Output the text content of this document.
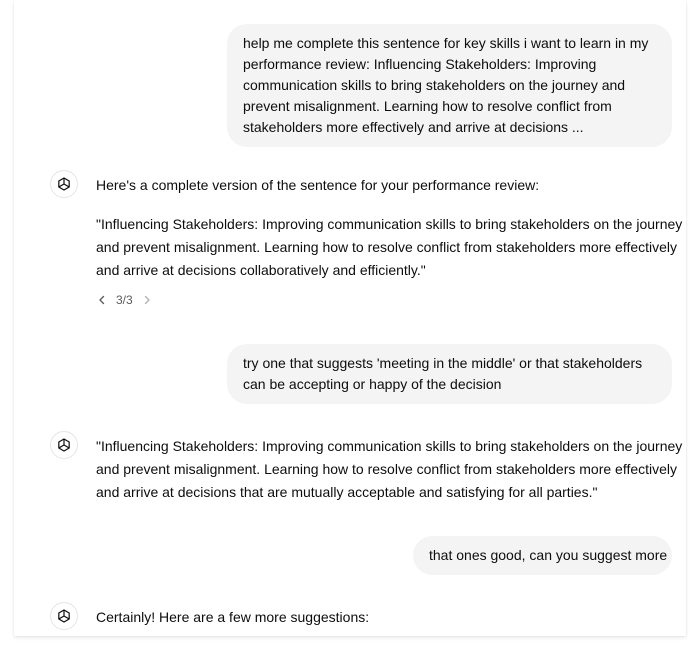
help me complete this sentence for key skills i want to learn in my performance review: Influencing Stakeholders: Improving communication skills to bring stakeholders on the journey and prevent misalignment. Learning how to resolve conflict from stakeholders more effectively and arrive at decisions ...

Here's a complete version of the sentence for your performance review:

"Influencing Stakeholders: Improving communication skills to bring stakeholders on the journey and prevent misalignment. Learning how to resolve conflict from stakeholders more effectively and arrive at decisions collaboratively and efficiently."

3/3
try one that suggests 'meeting in the middle' or that stakeholders can be accepting or happy of the decision

"Influencing Stakeholders: Improving communication skills to bring stakeholders on the journey and prevent misalignment. Learning how to resolve conflict from stakeholders more effectively and arrive at decisions that are mutually acceptable and satisfying for all parties."

that ones good, can you suggest more

Certainly! Here are a few more suggestions:
